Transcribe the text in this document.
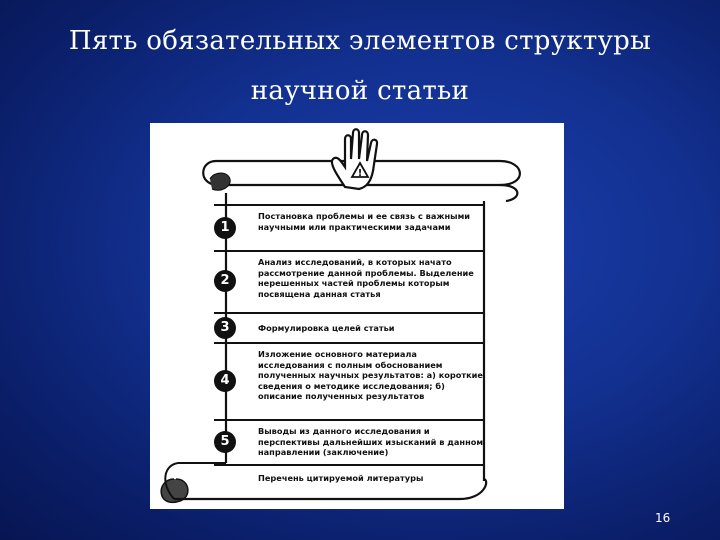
Пять обязательных элементов структуры
научной статьи
!
1
Постановка проблемы и ее связь с важными научными или практическими задачами
2
Анализ исследований, в которых начато рассмотрение данной проблемы. Выделение нерешенных частей проблемы которым посвящена данная статья
3	Формулировка целей статьи
4
Изложение основного материала исследования с полным обоснованием полученных научных результатов: а) короткие сведения о методике исследования; б) описание полученных результатов
5
Выводы из данного исследования и перспективы дальнейших изысканий в данном направлении (заключение)
Перечень цитируемой литературы
16
